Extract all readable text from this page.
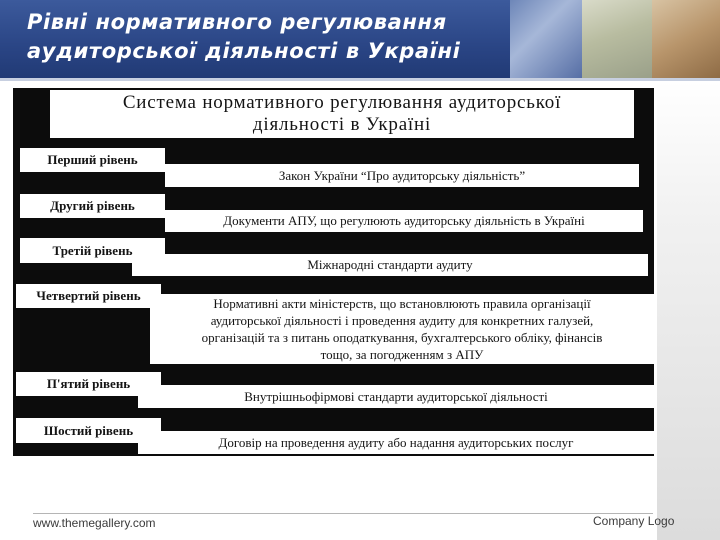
Рівні нормативного регулювання
аудиторської діяльності в Україні
Система нормативного регулювання аудиторської
діяльності в Україні
Перший рівень
Закон України “Про аудиторську діяльність”
Другий рівень
Документи АПУ, що регулюють аудиторську діяльність в Україні
Третій рівень
Міжнародні стандарти аудиту
Четвертий рівень
Нормативні акти міністерств, що встановлюють правила організації
аудиторської діяльності і проведення аудиту для конкретних галузей,
організацій та з питань оподаткування, бухгалтерського обліку, фінансів
тощо, за погодженням з АПУ
П'ятий рівень
Внутрішньофірмові стандарти аудиторської діяльності
Шостий рівень
Договір на проведення аудиту або надання аудиторських послуг
www.themegallery.com	Company Logo
